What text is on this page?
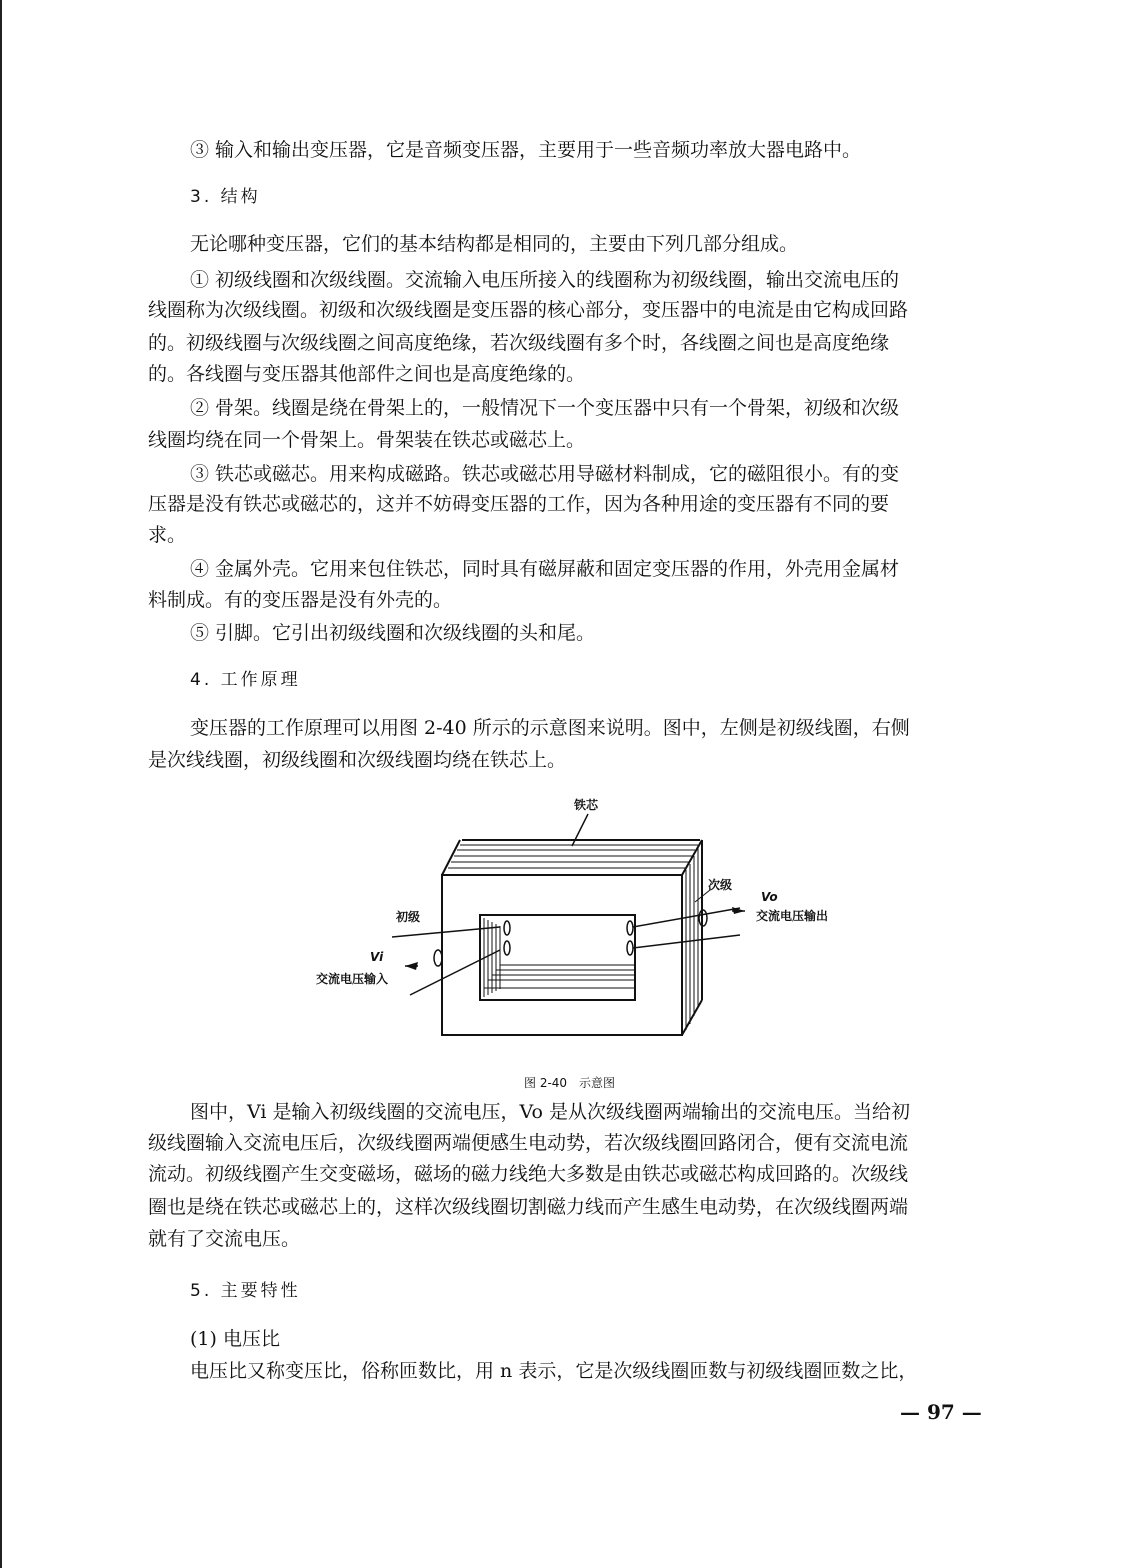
③ 输入和输出变压器，它是音频变压器，主要用于一些音频功率放大器电路中。
3. 结构
无论哪种变压器，它们的基本结构都是相同的，主要由下列几部分组成。
① 初级线圈和次级线圈。交流输入电压所接入的线圈称为初级线圈，输出交流电压的
线圈称为次级线圈。初级和次级线圈是变压器的核心部分，变压器中的电流是由它构成回路
的。初级线圈与次级线圈之间高度绝缘，若次级线圈有多个时，各线圈之间也是高度绝缘
的。各线圈与变压器其他部件之间也是高度绝缘的。
② 骨架。线圈是绕在骨架上的，一般情况下一个变压器中只有一个骨架，初级和次级
线圈均绕在同一个骨架上。骨架装在铁芯或磁芯上。
③ 铁芯或磁芯。用来构成磁路。铁芯或磁芯用导磁材料制成，它的磁阻很小。有的变
压器是没有铁芯或磁芯的，这并不妨碍变压器的工作，因为各种用途的变压器有不同的要
求。
④ 金属外壳。它用来包住铁芯，同时具有磁屏蔽和固定变压器的作用，外壳用金属材
料制成。有的变压器是没有外壳的。
⑤ 引脚。它引出初级线圈和次级线圈的头和尾。
4. 工作原理
变压器的工作原理可以用图 2-40 所示的示意图来说明。图中，左侧是初级线圈，右侧
是次线线圈，初级线圈和次级线圈均绕在铁芯上。
铁芯
次级
Vo
交流电压输出
初级
Vi
交流电压输入
图 2-40　示意图
图中，Vi 是输入初级线圈的交流电压，Vo 是从次级线圈两端输出的交流电压。当给初
级线圈输入交流电压后，次级线圈两端便感生电动势，若次级线圈回路闭合，便有交流电流
流动。初级线圈产生交变磁场，磁场的磁力线绝大多数是由铁芯或磁芯构成回路的。次级线
圈也是绕在铁芯或磁芯上的，这样次级线圈切割磁力线而产生感生电动势，在次级线圈两端
就有了交流电压。
5. 主要特性
(1) 电压比
电压比又称变压比，俗称匝数比，用 n 表示，它是次级线圈匝数与初级线圈匝数之比，
— 97 —
